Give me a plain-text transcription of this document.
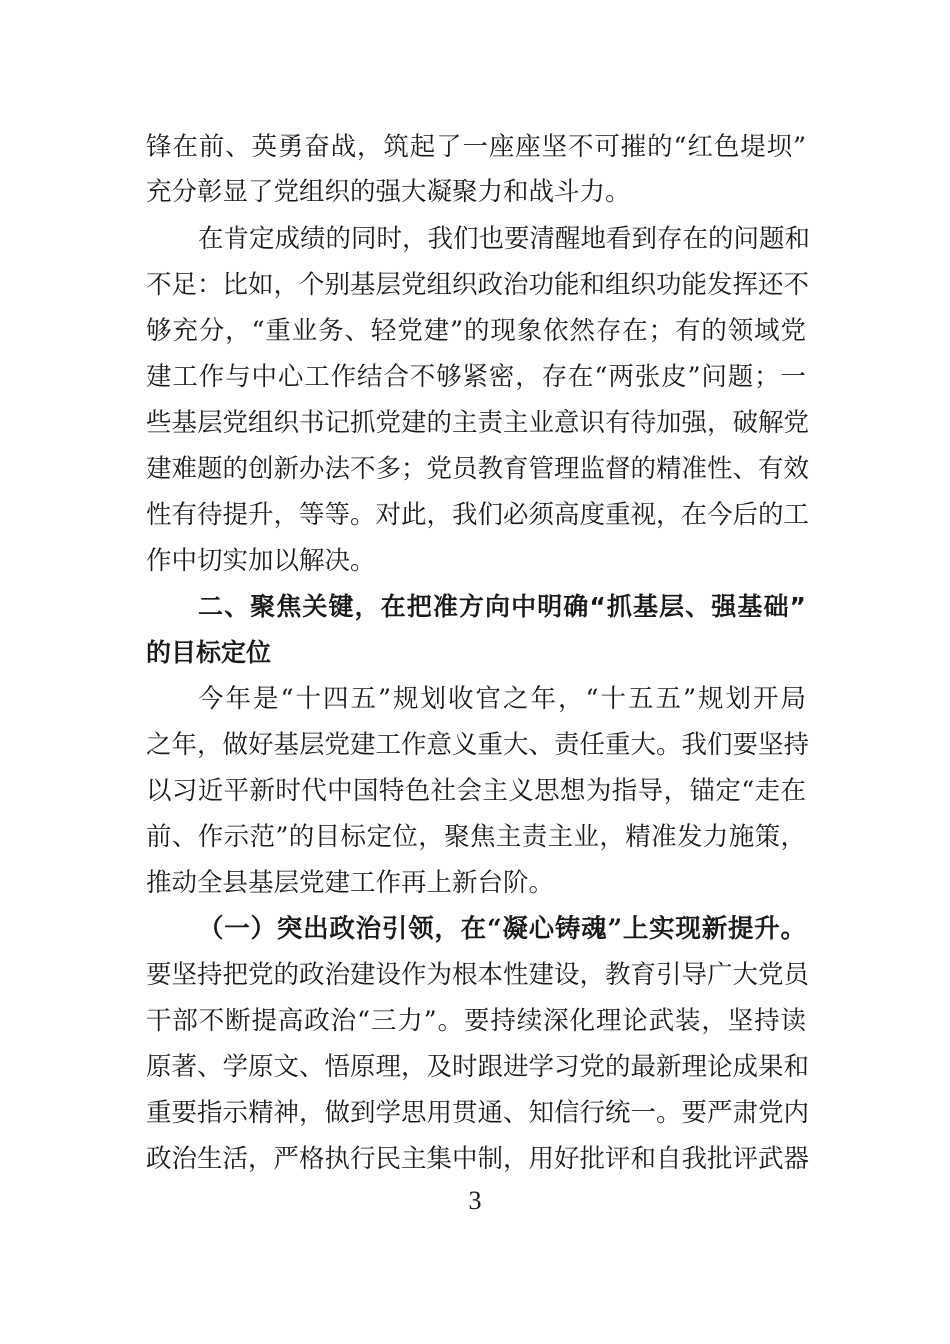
锋在前、英勇奋战，筑起了一座座坚不可摧的“红色堤坝”
充分彰显了党组织的强大凝聚力和战斗力。
在肯定成绩的同时，我们也要清醒地看到存在的问题和
不足：比如，个别基层党组织政治功能和组织功能发挥还不
够充分，“重业务、轻党建”的现象依然存在；有的领域党
建工作与中心工作结合不够紧密，存在“两张皮”问题；一
些基层党组织书记抓党建的主责主业意识有待加强，破解党
建难题的创新办法不多；党员教育管理监督的精准性、有效
性有待提升，等等。对此，我们必须高度重视，在今后的工
作中切实加以解决。
二、聚焦关键，在把准方向中明确“抓基层、强基础”
的目标定位
今年是“十四五”规划收官之年，“十五五”规划开局
之年，做好基层党建工作意义重大、责任重大。我们要坚持
以习近平新时代中国特色社会主义思想为指导，锚定“走在
前、作示范”的目标定位，聚焦主责主业，精准发力施策，
推动全县基层党建工作再上新台阶。
（一）突出政治引领，在“凝心铸魂”上实现新提升。
要坚持把党的政治建设作为根本性建设，教育引导广大党员
干部不断提高政治“三力”。要持续深化理论武装，坚持读
原著、学原文、悟原理，及时跟进学习党的最新理论成果和
重要指示精神，做到学思用贯通、知信行统一。要严肃党内
政治生活，严格执行民主集中制，用好批评和自我批评武器
3
